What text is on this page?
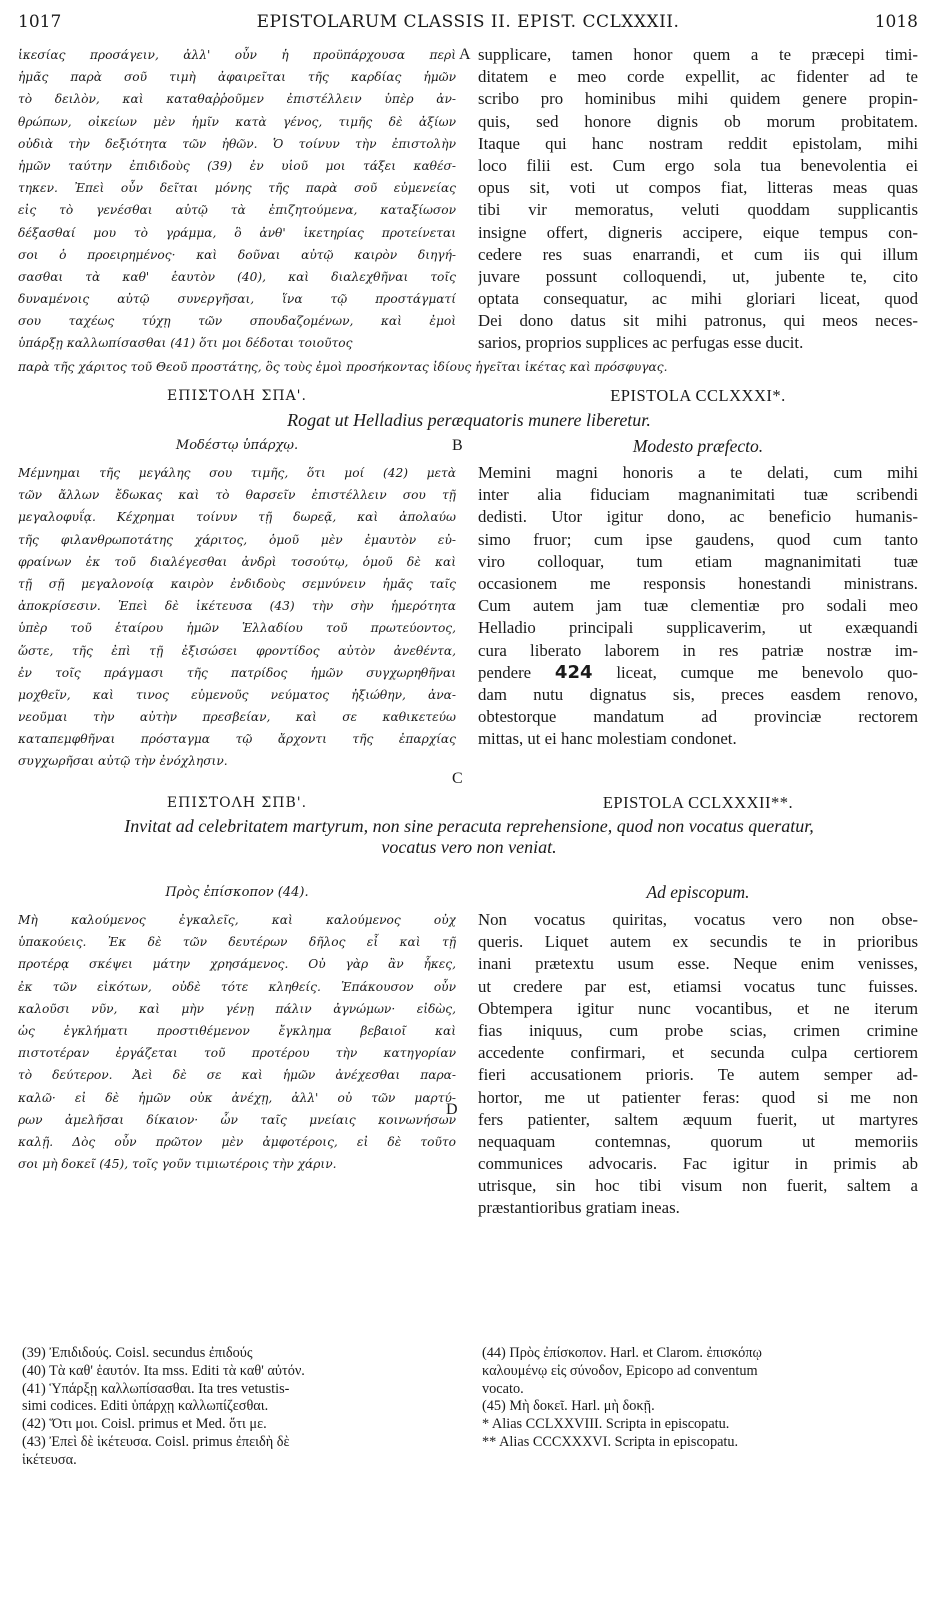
1017	EPISTOLARUM CLASSIS II. EPIST. CCLXXXII.	1018
ἱκεσίας προσάγειν, ἀλλ' οὖν ἡ προϋπάρχουσα περὶ
ἡμᾶς παρὰ σοῦ τιμὴ ἀφαιρεῖται τῆς καρδίας ἡμῶν
τὸ δειλὸν, καὶ καταθαῤῥοῦμεν ἐπιστέλλειν ὑπὲρ ἀν-
θρώπων, οἰκείων μὲν ἡμῖν κατὰ γένος, τιμῆς δὲ ἀξίων
οὐδιὰ τὴν δεξιότητα τῶν ἠθῶν. Ὁ τοίνυν τὴν ἐπιστολὴν
ἡμῶν ταύτην ἐπιδιδοὺς (39) ἐν υἱοῦ μοι τάξει καθέσ-
τηκεν. Ἐπεὶ οὖν δεῖται μόνης τῆς παρὰ σοῦ εὐμενείας
εἰς τὸ γενέσθαι αὐτῷ τὰ ἐπιζητούμενα, καταξίωσον
δέξασθαί μου τὸ γράμμα, ὃ ἀνθ' ἱκετηρίας προτείνεται
σοι ὁ προειρημένος· καὶ δοῦναι αὐτῷ καιρὸν διηγή-
σασθαι τὰ καθ' ἑαυτὸν (40), καὶ διαλεχθῆναι τοῖς
δυναμένοις αὐτῷ συνεργῆσαι, ἵνα τῷ προστάγματί
σου ταχέως τύχῃ τῶν σπουδαζομένων, καὶ ἐμοὶ
ὑπάρξῃ καλλωπίσασθαι (41) ὅτι μοι δέδοται τοιοῦτος
supplicare, tamen honor quem a te præcepi timi-
ditatem e meo corde expellit, ac fidenter ad te
scribo pro hominibus mihi quidem genere propin-
quis, sed honore dignis ob morum probitatem.
Itaque qui hanc nostram reddit epistolam, mihi
loco filii est. Cum ergo sola tua benevolentia ei
opus sit, voti ut compos fiat, litteras meas quas
tibi vir memoratus, veluti quoddam supplicantis
insigne offert, digneris accipere, eique tempus con-
cedere res suas enarrandi, et cum iis qui illum
juvare possunt colloquendi, ut, jubente te, cito
optata consequatur, ac mihi gloriari liceat, quod
Dei dono datus sit mihi patronus, qui meos neces-
sarios, proprios supplices ac perfugas esse ducit.
A
παρὰ τῆς χάριτος τοῦ Θεοῦ προστάτης, ὃς τοὺς ἐμοὶ προσήκοντας ἰδίους ἡγεῖται ἱκέτας καὶ πρόσφυγας.
ΕΠΙΣΤΟΛΗ ΣΠΑ'.	EPISTOLA CCLXXXI*.
Rogat ut Helladius peræquatoris munere liberetur.
Μοδέστῳ ὑπάρχῳ.	Modesto præfecto.
B
Μέμνημαι τῆς μεγάλης σου τιμῆς, ὅτι μοί (42) μετὰ
τῶν ἄλλων ἔδωκας καὶ τὸ θαρσεῖν ἐπιστέλλειν σου τῇ
μεγαλοφυΐᾳ. Κέχρημαι τοίνυν τῇ δωρεᾷ, καὶ ἀπολαύω
τῆς φιλανθρωποτάτης χάριτος, ὁμοῦ μὲν ἐμαυτὸν εὐ-
φραίνων ἐκ τοῦ διαλέγεσθαι ἀνδρὶ τοσούτῳ, ὁμοῦ δὲ καὶ
τῇ σῇ μεγαλονοίᾳ καιρὸν ἐνδιδοὺς σεμνύνειν ἡμᾶς ταῖς
ἀποκρίσεσιν. Ἐπεὶ δὲ ἱκέτευσα (43) τὴν σὴν ἡμερότητα
ὑπὲρ τοῦ ἑταίρου ἡμῶν Ἑλλαδίου τοῦ πρωτεύοντος,
ὥστε, τῆς ἐπὶ τῇ ἐξισώσει φροντίδος αὐτὸν ἀνεθέντα,
ἐν τοῖς πράγμασι τῆς πατρίδος ἡμῶν συγχωρηθῆναι
μοχθεῖν, καὶ τινος εὐμενοῦς νεύματος ἠξιώθην, ἀνα-
νεοῦμαι τὴν αὐτὴν πρεσβείαν, καὶ σε καθικετεύω
καταπεμφθῆναι πρόσταγμα τῷ ἄρχοντι τῆς ἐπαρχίας
συγχωρῆσαι αὐτῷ τὴν ἐνόχλησιν.
Memini magni honoris a te delati, cum mihi
inter alia fiduciam magnanimitati tuæ scribendi
dedisti. Utor igitur dono, ac beneficio humanis-
simo fruor; cum ipse gaudens, quod cum tanto
viro colloquar, tum etiam magnanimitati tuæ
occasionem me responsis honestandi ministrans.
Cum autem jam tuæ clementiæ pro sodali meo
Helladio principali supplicaverim, ut exæquandi
cura liberato laborem in res patriæ nostræ im-
pendere 424 liceat, cumque me benevolo quo-
dam nutu dignatus sis, preces easdem renovo,
obtestorque mandatum ad provinciæ rectorem
mittas, ut ei hanc molestiam condonet.
C
ΕΠΙΣΤΟΛΗ ΣΠΒ'.	EPISTOLA CCLXXXII**.
Invitat ad celebritatem martyrum, non sine peracuta reprehensione, quod non vocatus queratur,
vocatus vero non veniat.
Πρὸς ἐπίσκοπον (44).	Ad episcopum.
Μὴ καλούμενος ἐγκαλεῖς, καὶ καλούμενος οὐχ
ὑπακούεις. Ἐκ δὲ τῶν δευτέρων δῆλος εἶ καὶ τῇ
προτέρᾳ σκέψει μάτην χρησάμενος. Οὐ γὰρ ἂν ἧκες,
ἐκ τῶν εἰκότων, οὐδὲ τότε κληθείς. Ἐπάκουσον οὖν
καλοῦσι νῦν, καὶ μὴν γένῃ πάλιν ἀγνώμων· εἰδὼς,
ὡς ἐγκλήματι προστιθέμενον ἔγκλημα βεβαιοῖ καὶ
πιστοτέραν ἐργάζεται τοῦ προτέρου τὴν κατηγορίαν
τὸ δεύτερον. Ἀεὶ δὲ σε καὶ ἡμῶν ἀνέχεσθαι παρα-
καλῶ· εἰ δὲ ἡμῶν οὐκ ἀνέχῃ, ἀλλ' οὐ τῶν μαρτύ-
ρων ἀμελῆσαι δίκαιον· ὧν ταῖς μνείαις κοινωνήσων
καλῇ. Δὸς οὖν πρῶτον μὲν ἀμφοτέροις, εἰ δὲ τοῦτο
σοι μὴ δοκεῖ (45), τοῖς γοῦν τιμιωτέροις τὴν χάριν.
Non vocatus quiritas, vocatus vero non obse-
queris. Liquet autem ex secundis te in prioribus
inani prætextu usum esse. Neque enim venisses,
ut credere par est, etiamsi vocatus tunc fuisses.
Obtempera igitur nunc vocantibus, et ne iterum
fias iniquus, cum probe scias, crimen crimine
accedente confirmari, et secunda culpa certiorem
fieri accusationem prioris. Te autem semper ad-
hortor, me ut patienter feras: quod si me non
fers patienter, saltem æquum fuerit, ut martyres
nequaquam contemnas, quorum ut memoriis
communices advocaris. Fac igitur in primis ab
utrisque, sin hoc tibi visum non fuerit, saltem a
præstantioribus gratiam ineas.
D
(39) Ἐπιδιδούς. Coisl. secundus ἐπιδούς
(40) Τὰ καθ' ἑαυτόν. Ita mss. Editi τὰ καθ' αὐτόν.
(41) Ὑπάρξῃ καλλωπίσασθαι. Ita tres vetustis-
simi codices. Editi ὑπάρχῃ καλλωπίζεσθαι.
(42) Ὅτι μοι. Coisl. primus et Med. ὅτι με.
(43) Ἐπεὶ δὲ ἱκέτευσα. Coisl. primus ἐπειδὴ δὲ
ἱκέτευσα.
(44) Πρὸς ἐπίσκοπον. Harl. et Clarom. ἐπισκόπῳ
καλουμένῳ εἰς σύνοδον, Epicopo ad conventum
vocato.
(45) Μὴ δοκεῖ. Harl. μὴ δοκῇ.
* Alias CCLXXVIII. Scripta in episcopatu.
** Alias CCCXXXVI. Scripta in episcopatu.
